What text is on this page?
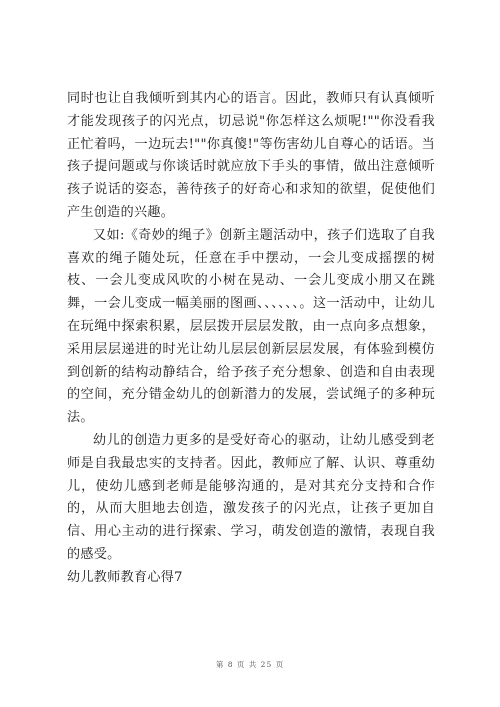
同时也让自我倾听到其内心的语言。因此，教师只有认真倾听才能发现孩子的闪光点，切忌说"你怎样这么烦呢!""你没看我正忙着吗，一边玩去!""你真傻!"等伤害幼儿自尊心的话语。当孩子提问题或与你谈话时就应放下手头的事情，做出注意倾听孩子说话的姿态，善待孩子的好奇心和求知的欲望，促使他们产生创造的兴趣。

又如:《奇妙的绳子》创新主题活动中，孩子们选取了自我喜欢的绳子随处玩，任意在手中摆动，一会儿变成摇摆的树枝、一会儿变成风吹的小树在晃动、一会儿变成小朋又在跳舞，一会儿变成一幅美丽的图画、、、、、、。这一活动中，让幼儿在玩绳中探索积累，层层拨开层层发散，由一点向多点想象，采用层层递进的时光让幼儿层层创新层层发展，有体验到模仿到创新的结构动静结合，给予孩子充分想象、创造和自由表现的空间，充分错金幼儿的创新潜力的发展，尝试绳子的多种玩法。

幼儿的创造力更多的是受好奇心的驱动，让幼儿感受到老师是自我最忠实的支持者。因此，教师应了解、认识、尊重幼儿，使幼儿感到老师是能够沟通的，是对其充分支持和合作的，从而大胆地去创造，激发孩子的闪光点，让孩子更加自信、用心主动的进行探索、学习，萌发创造的激情，表现自我的感受。

幼儿教师教育心得7

第 8 页 共 25 页
